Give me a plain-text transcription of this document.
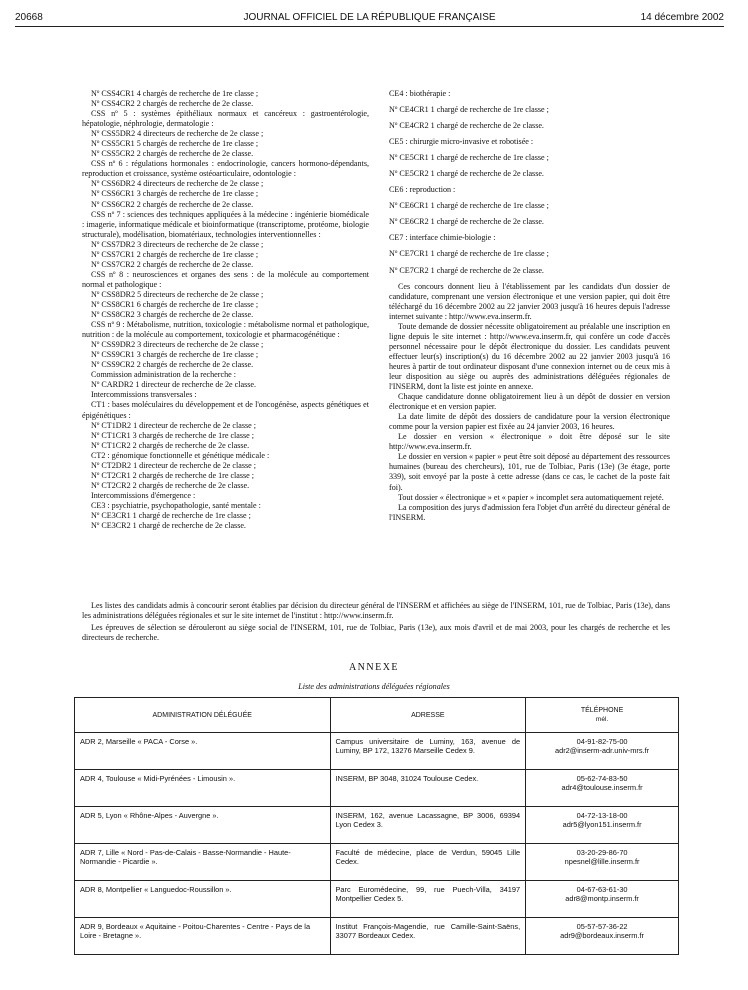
20668	JOURNAL OFFICIEL DE LA RÉPUBLIQUE FRANÇAISE	14 décembre 2002

Nº CSS4CR1 4 chargés de recherche de 1re classe ;

Nº CSS4CR2 2 chargés de recherche de 2e classe.

CSS nº 5 : systèmes épithéliaux normaux et cancéreux : gastroentérologie, hépatologie, néphrologie, dermatologie :

Nº CSS5DR2 4 directeurs de recherche de 2e classe ;

Nº CSS5CR1 5 chargés de recherche de 1re classe ;

Nº CSS5CR2 2 chargés de recherche de 2e classe.

CSS nº 6 : régulations hormonales : endocrinologie, cancers hormono-dépendants, reproduction et croissance, système ostéoarticulaire, odontologie :

Nº CSS6DR2 4 directeurs de recherche de 2e classe ;

Nº CSS6CR1 3 chargés de recherche de 1re classe ;

Nº CSS6CR2 2 chargés de recherche de 2e classe.

CSS nº 7 : sciences des techniques appliquées à la médecine : ingénierie biomédicale : imagerie, informatique médicale et bioinformatique (transcriptome, protéome, biologie structurale), modélisation, biomatériaux, technologies interventionnelles :

Nº CSS7DR2 3 directeurs de recherche de 2e classe ;

Nº CSS7CR1 2 chargés de recherche de 1re classe ;

Nº CSS7CR2 2 chargés de recherche de 2e classe.

CSS nº 8 : neurosciences et organes des sens : de la molécule au comportement normal et pathologique :

Nº CSS8DR2 5 directeurs de recherche de 2e classe ;

Nº CSS8CR1 6 chargés de recherche de 1re classe ;

Nº CSS8CR2 3 chargés de recherche de 2e classe.

CSS nº 9 : Métabolisme, nutrition, toxicologie : métabolisme normal et pathologique, nutrition : de la molécule au comportement, toxicologie et pharmacogénétique :

Nº CSS9DR2 3 directeurs de recherche de 2e classe ;

Nº CSS9CR1 3 chargés de recherche de 1re classe ;

Nº CSS9CR2 2 chargés de recherche de 2e classe.

Commission administration de la recherche :

Nº CARDR2 1 directeur de recherche de 2e classe.

Intercommissions transversales :

CT1 : bases moléculaires du développement et de l'oncogénèse, aspects génétiques et épigénétiques :

Nº CT1DR2 1 directeur de recherche de 2e classe ;

Nº CT1CR1 3 chargés de recherche de 1re classe ;

Nº CT1CR2 2 chargés de recherche de 2e classe.

CT2 : génomique fonctionnelle et génétique médicale :

Nº CT2DR2 1 directeur de recherche de 2e classe ;

Nº CT2CR1 2 chargés de recherche de 1re classe ;

Nº CT2CR2 2 chargés de recherche de 2e classe.

Intercommissions d'émergence :

CE3 : psychiatrie, psychopathologie, santé mentale :

Nº CE3CR1 1 chargé de recherche de 1re classe ;

Nº CE3CR2 1 chargé de recherche de 2e classe.

CE4 : biothérapie :

Nº CE4CR1 1 chargé de recherche de 1re classe ;

Nº CE4CR2 1 chargé de recherche de 2e classe.

CE5 : chirurgie micro-invasive et robotisée :

Nº CE5CR1 1 chargé de recherche de 1re classe ;

Nº CE5CR2 1 chargé de recherche de 2e classe.

CE6 : reproduction :

Nº CE6CR1 1 chargé de recherche de 1re classe ;

Nº CE6CR2 1 chargé de recherche de 2e classe.

CE7 : interface chimie-biologie :

Nº CE7CR1 1 chargé de recherche de 1re classe ;

Nº CE7CR2 1 chargé de recherche de 2e classe.

Ces concours donnent lieu à l'établissement par les candidats d'un dossier de candidature, comprenant une version électronique et une version papier, qui doit être téléchargé du 16 décembre 2002 au 22 janvier 2003 jusqu'à 16 heures depuis l'adresse internet suivante : http://www.eva.inserm.fr.

Toute demande de dossier nécessite obligatoirement au préalable une inscription en ligne depuis le site internet : http://www.eva.inserm.fr, qui confère un code d'accès personnel nécessaire pour le dépôt électronique du dossier. Les candidats peuvent effectuer leur(s) inscription(s) du 16 décembre 2002 au 22 janvier 2003 jusqu'à 16 heures à partir de tout ordinateur disposant d'une connexion internet ou de ceux mis à leur disposition au siège ou auprès des administrations déléguées régionales de l'INSERM, dont la liste est jointe en annexe.

Chaque candidature donne obligatoirement lieu à un dépôt de dossier en version électronique et en version papier.

La date limite de dépôt des dossiers de candidature pour la version électronique comme pour la version papier est fixée au 24 janvier 2003, 16 heures.

Le dossier en version « électronique » doit être déposé sur le site http://www.eva.inserm.fr.

Le dossier en version « papier » peut être soit déposé au département des ressources humaines (bureau des chercheurs), 101, rue de Tolbiac, Paris (13e) (3e étage, porte 339), soit envoyé par la poste à cette adresse (dans ce cas, le cachet de la poste fait foi).

Tout dossier « électronique » et « papier » incomplet sera automatiquement rejeté.

La composition des jurys d'admission fera l'objet d'un arrêté du directeur général de l'INSERM.

Les listes des candidats admis à concourir seront établies par décision du directeur général de l'INSERM et affichées au siège de l'INSERM, 101, rue de Tolbiac, Paris (13e), dans les administrations déléguées régionales et sur le site internet de l'institut : http://www.inserm.fr.

Les épreuves de sélection se dérouleront au siège social de l'INSERM, 101, rue de Tolbiac, Paris (13e), aux mois d'avril et de mai 2003, pour les chargés de recherche et les directeurs de recherche.

ANNEXE
Liste des administrations déléguées régionales
ADMINISTRATION DÉLÉGUÉE	ADRESSE	TÉLÉPHONE
mél.

ADR 2, Marseille « PACA - Corse ».	Campus universitaire de Luminy, 163, avenue de Luminy, BP 172, 13276 Marseille Cedex 9.	04-91-82-75-00
adr2@inserm-adr.univ-mrs.fr

ADR 4, Toulouse « Midi-Pyrénées - Limousin ».	INSERM, BP 3048, 31024 Toulouse Cedex.	05-62-74-83-50
adr4@toulouse.inserm.fr

ADR 5, Lyon « Rhône-Alpes - Auvergne ».	INSERM, 162, avenue Lacassagne, BP 3006, 69394 Lyon Cedex 3.	04-72-13-18-00
adr5@lyon151.inserm.fr

ADR 7, Lille « Nord - Pas-de-Calais - Basse-Normandie - Haute-Normandie - Picardie ».	Faculté de médecine, place de Verdun, 59045 Lille Cedex.	03-20-29-86-70
npesnel@lille.inserm.fr

ADR 8, Montpellier « Languedoc-Roussillon ».	Parc Euromédecine, 99, rue Puech-Villa, 34197 Montpellier Cedex 5.	04-67-63-61-30
adr8@montp.inserm.fr

ADR 9, Bordeaux « Aquitaine - Poitou-Charentes - Centre - Pays de la Loire - Bretagne ».	Institut François-Magendie, rue Camille-Saint-Saëns, 33077 Bordeaux Cedex.	05-57-57-36-22
adr9@bordeaux.inserm.fr
